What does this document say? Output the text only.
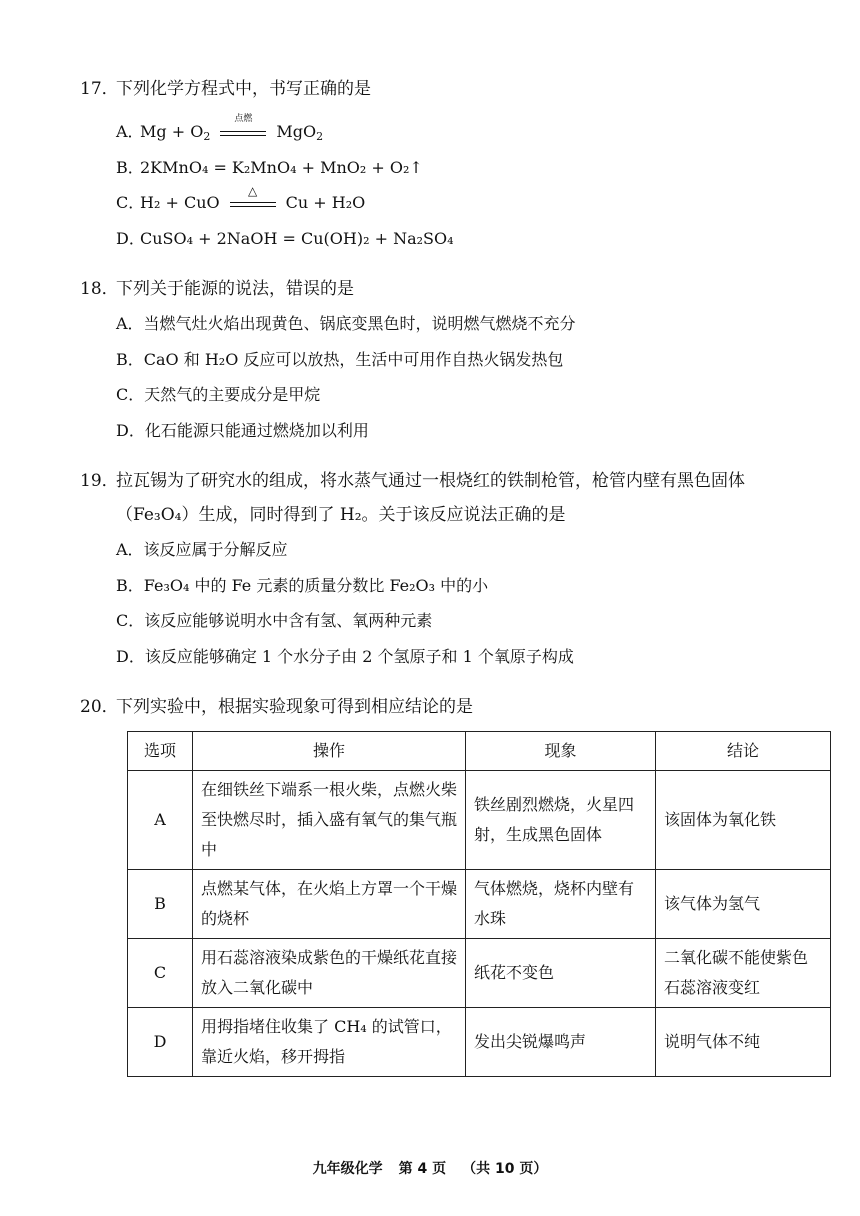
17．下列化学方程式中，书写正确的是
A．$Mg + O_2$
点燃
MgO$_2$
B．2KMnO₄ = K₂MnO₄ + MnO₂ + O₂↑
C．H₂ + CuO
△
Cu + H₂O
D．CuSO₄ + 2NaOH = Cu(OH)₂ + Na₂SO₄
18．下列关于能源的说法，错误的是
A．当燃气灶火焰出现黄色、锅底变黑色时，说明燃气燃烧不充分
B．CaO 和 H₂O 反应可以放热，生活中可用作自热火锅发热包
C．天然气的主要成分是甲烷
D．化石能源只能通过燃烧加以利用
19．拉瓦锡为了研究水的组成，将水蒸气通过一根烧红的铁制枪管，枪管内壁有黑色固体
（Fe₃O₄）生成，同时得到了 H₂。关于该反应说法正确的是
A．该反应属于分解反应
B．Fe₃O₄ 中的 Fe 元素的质量分数比 Fe₂O₃ 中的小
C．该反应能够说明水中含有氢、氧两种元素
D．该反应能够确定 1 个水分子由 2 个氢原子和 1 个氧原子构成
20．下列实验中，根据实验现象可得到相应结论的是
选项	操作	现象	结论
A	在细铁丝下端系一根火柴，点燃火柴至快燃尽时，插入盛有氧气的集气瓶中	铁丝剧烈燃烧，火星四射，生成黑色固体	该固体为氧化铁
B	点燃某气体，在火焰上方罩一个干燥的烧杯	气体燃烧，烧杯内壁有水珠	该气体为氢气
C	用石蕊溶液染成紫色的干燥纸花直接放入二氧化碳中	纸花不变色	二氧化碳不能使紫色石蕊溶液变红
D	用拇指堵住收集了 CH₄ 的试管口，靠近火焰，移开拇指	发出尖锐爆鸣声	说明气体不纯
九年级化学 第 4 页 （共 10 页）
